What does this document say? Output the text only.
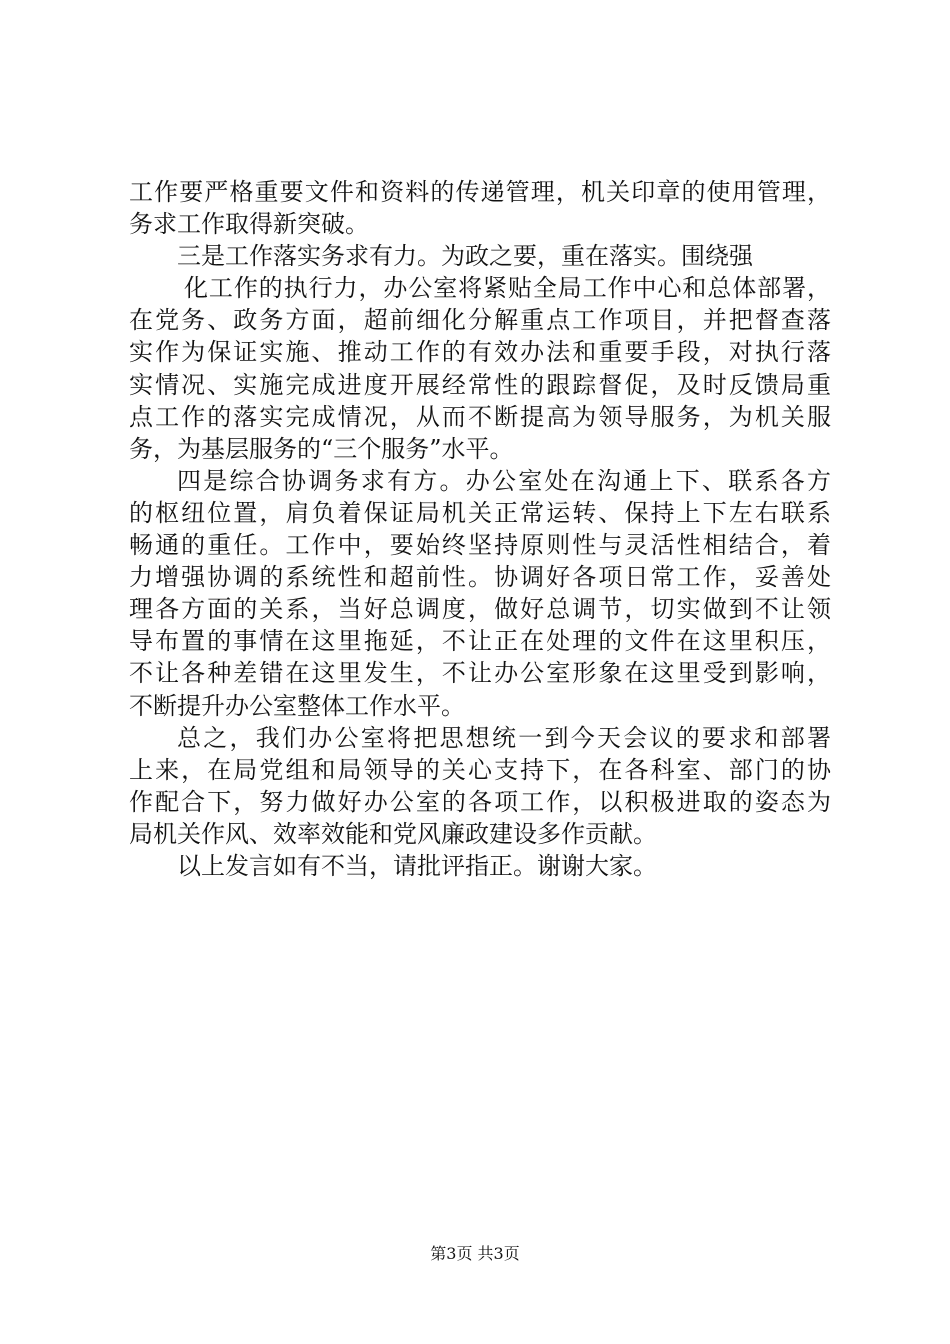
工作要严格重要文件和资料的传递管理，机关印章的使用管理，
务求工作取得新突破。
三是工作落实务求有力。为政之要，重在落实。围绕强
化工作的执行力，办公室将紧贴全局工作中心和总体部署，
在党务、政务方面，超前细化分解重点工作项目，并把督查落
实作为保证实施、推动工作的有效办法和重要手段，对执行落
实情况、实施完成进度开展经常性的跟踪督促，及时反馈局重
点工作的落实完成情况，从而不断提高为领导服务，为机关服
务，为基层服务的“三个服务”水平。
四是综合协调务求有方。办公室处在沟通上下、联系各方
的枢纽位置，肩负着保证局机关正常运转、保持上下左右联系
畅通的重任。工作中，要始终坚持原则性与灵活性相结合，着
力增强协调的系统性和超前性。协调好各项日常工作，妥善处
理各方面的关系，当好总调度，做好总调节，切实做到不让领
导布置的事情在这里拖延，不让正在处理的文件在这里积压，
不让各种差错在这里发生，不让办公室形象在这里受到影响，
不断提升办公室整体工作水平。
总之，我们办公室将把思想统一到今天会议的要求和部署
上来，在局党组和局领导的关心支持下，在各科室、部门的协
作配合下，努力做好办公室的各项工作，以积极进取的姿态为
局机关作风、效率效能和党风廉政建设多作贡献。
以上发言如有不当，请批评指正。谢谢大家。
第3页 共3页
